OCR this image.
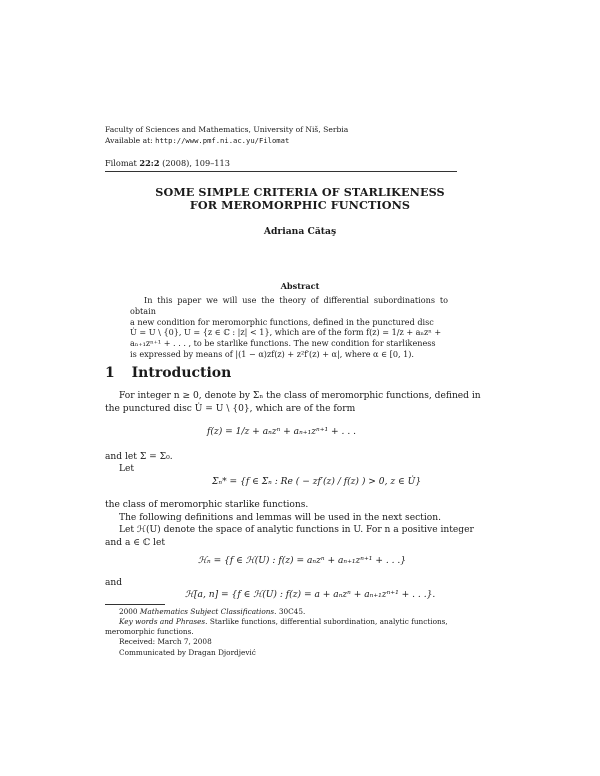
Faculty of Sciences and Mathematics, University of Niš, Serbia
Available at: http://www.pmf.ni.ac.yu/Filomat
Filomat 22:2 (2008), 109–113
SOME SIMPLE CRITERIA OF STARLIKENESS
FOR MEROMORPHIC FUNCTIONS
Adriana Cătaş
Abstract

In this paper we will use the theory of differential subordinations to obtain

a new condition for meromorphic functions, defined in the punctured disc

U̇ = U \ {0}, U = {z ∈ ℂ : |z| < 1}, which are of the form f(z) = 1/z + aₙzⁿ +

aₙ₊₁zⁿ⁺¹ + . . . , to be starlike functions. The new condition for starlikeness

is expressed by means of |(1 − α)zf(z) + z²f′(z) + α|, where α ∈ [0, 1).

1 Introduction
For integer n ≥ 0, denote by Σₙ the class of meromorphic functions, defined in
the punctured disc U̇ = U \ {0}, which are of the form
f(z) = 1/z + aₙzⁿ + aₙ₊₁zⁿ⁺¹ + . . .
and let Σ = Σ₀.
Let
Σₙ* = {f ∈ Σₙ : Re ( − zf′(z) / f(z) ) > 0, z ∈ U̇}
the class of meromorphic starlike functions.
The following definitions and lemmas will be used in the next section.
Let ℋ(U) denote the space of analytic functions in U. For n a positive integer
and a ∈ ℂ let
ℋₙ = {f ∈ ℋ(U) : f(z) = aₙzⁿ + aₙ₊₁zⁿ⁺¹ + . . .}
and
ℋ[a, n] = {f ∈ ℋ(U) : f(z) = a + aₙzⁿ + aₙ₊₁zⁿ⁺¹ + . . .}.
2000 Mathematics Subject Classifications. 30C45.
Key words and Phrases. Starlike functions, differential subordination, analytic functions,
meromorphic functions.
Received: March 7, 2008
Communicated by Dragan Djordjević
